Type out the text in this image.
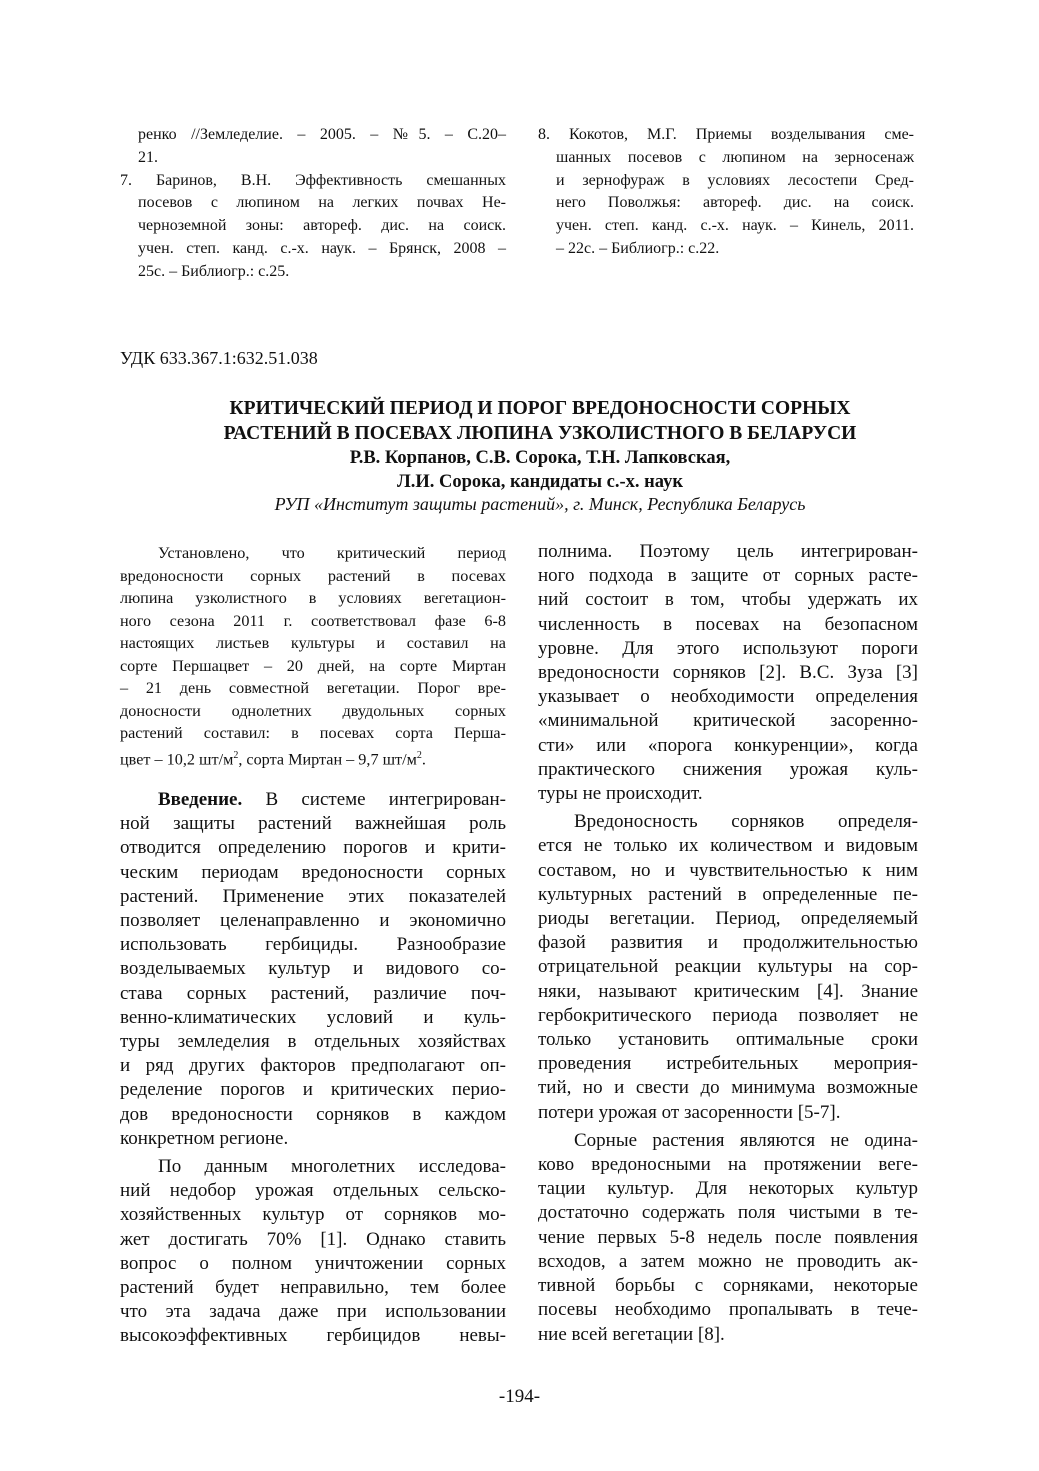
ренко //Земледелие. – 2005. – №5. – С.20–
21.
7. Баринов, В.Н. Эффективность смешанных
посевов с люпином на легких почвах Не-
черноземной зоны: автореф. дис. на соиск.
учен. степ. канд. с.-х. наук. – Брянск, 2008 –
25с. – Библиогр.: с.25.
8. Кокотов, М.Г. Приемы возделывания сме-
шанных посевов с люпином на зерносенаж
и зернофураж в условиях лесостепи Сред-
него Поволжья: автореф. дис. на соиск.
учен. степ. канд. с.-х. наук. – Кинель, 2011.
– 22с. – Библиогр.: с.22.
УДК 633.367.1:632.51.038
КРИТИЧЕСКИЙ ПЕРИОД И ПОРОГ ВРЕДОНОСНОСТИ СОРНЫХ
РАСТЕНИЙ В ПОСЕВАХ ЛЮПИНА УЗКОЛИСТНОГО В БЕЛАРУСИ
Р.В. Корпанов, С.В. Сорока, Т.Н. Лапковская,
Л.И. Сорока, кандидаты с.-х. наук
РУП «Институт защиты растений», г. Минск, Республика Беларусь
Установлено, что критический период
вредоносности сорных растений в посевах
люпина узколистного в условиях вегетацион-
ного сезона 2011 г. соответствовал фазе 6-8
настоящих листьев культуры и составил на
сорте Першацвет – 20 дней, на сорте Миртан
– 21 день совместной вегетации. Порог вре-
доносности однолетних двудольных сорных
растений составил: в посевах сорта Перша-
цвет – 10,2 $шт/м^2$, сорта Миртан – 9,7 $шт/м^2$.
Введение. В системе интегрирован-
ной защиты растений важнейшая роль
отводится определению порогов и крити-
ческим периодам вредоносности сорных
растений. Применение этих показателей
позволяет целенаправленно и экономично
использовать гербициды. Разнообразие
возделываемых культур и видового со-
става сорных растений, различие поч-
венно-климатических условий и куль-
туры земледелия в отдельных хозяйствах
и ряд других факторов предполагают оп-
ределение порогов и критических перио-
дов вредоносности сорняков в каждом
конкретном регионе.
По данным многолетних исследова-
ний недобор урожая отдельных сельско-
хозяйственных культур от сорняков мо-
жет достигать 70% [1]. Однако ставить
вопрос о полном уничтожении сорных
растений будет неправильно, тем более
что эта задача даже при использовании
высокоэффективных гербицидов невы-
полнима. Поэтому цель интегрирован-
ного подхода в защите от сорных расте-
ний состоит в том, чтобы удержать их
численность в посевах на безопасном
уровне. Для этого используют пороги
вредоносности сорняков [2]. В.С. Зуза [3]
указывает о необходимости определения
«минимальной критической засоренно-
сти» или «порога конкуренции», когда
практического снижения урожая куль-
туры не происходит.
Вредоносность сорняков определя-
ется не только их количеством и видовым
составом, но и чувствительностью к ним
культурных растений в определенные пе-
риоды вегетации. Период, определяемый
фазой развития и продолжительностью
отрицательной реакции культуры на сор-
няки, называют критическим [4]. Знание
гербокритического периода позволяет не
только установить оптимальные сроки
проведения истребительных мероприя-
тий, но и свести до минимума возможные
потери урожая от засоренности [5-7].
Сорные растения являются не одина-
ково вредоносными на протяжении веге-
тации культур. Для некоторых культур
достаточно содержать поля чистыми в те-
чение первых 5-8 недель после появления
всходов, а затем можно не проводить ак-
тивной борьбы с сорняками, некоторые
посевы необходимо пропалывать в тече-
ние всей вегетации [8].
-194-
